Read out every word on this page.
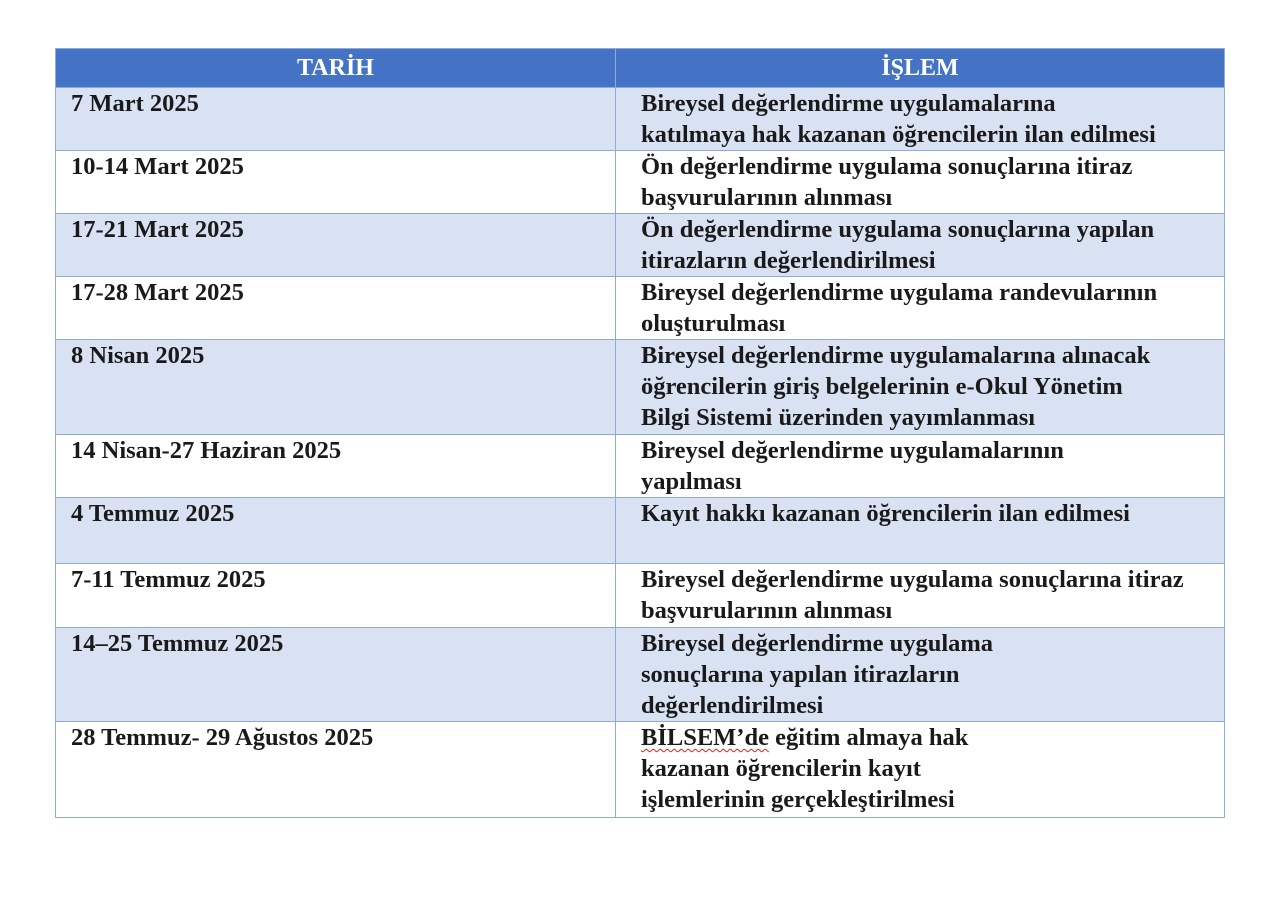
TARİH	İŞLEM
7 Mart 2025	Bireysel değerlendirme uygulamalarına
katılmaya hak kazanan öğrencilerin ilan edilmesi

10-14 Mart 2025	Ön değerlendirme uygulama sonuçlarına itiraz
başvurularının alınması

17-21 Mart 2025	Ön değerlendirme uygulama sonuçlarına yapılan
itirazların değerlendirilmesi

17-28 Mart 2025	Bireysel değerlendirme uygulama randevularının
oluşturulması

8 Nisan 2025	Bireysel değerlendirme uygulamalarına alınacak
öğrencilerin giriş belgelerinin e-Okul Yönetim
Bilgi Sistemi üzerinden yayımlanması

14 Nisan-27 Haziran 2025	Bireysel değerlendirme uygulamalarının
yapılması

4 Temmuz 2025	Kayıt hakkı kazanan öğrencilerin ilan edilmesi

7-11 Temmuz 2025	Bireysel değerlendirme uygulama sonuçlarına itiraz
başvurularının alınması

14–25 Temmuz 2025	Bireysel değerlendirme uygulama
sonuçlarına yapılan itirazların
değerlendirilmesi

28 Temmuz- 29 Ağustos 2025	BİLSEM’de eğitim almaya hak
kazanan öğrencilerin kayıt
işlemlerinin gerçekleştirilmesi
